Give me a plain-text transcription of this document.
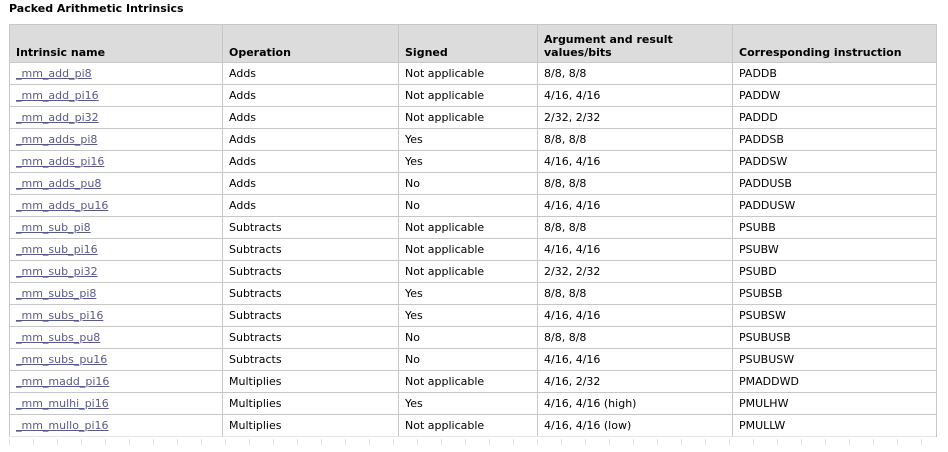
Packed Arithmetic Intrinsics
Intrinsic name	Operation	Signed	Argument and result values/bits	Corresponding instruction
_mm_add_pi8	Adds	Not applicable	8/8, 8/8	PADDB
_mm_add_pi16	Adds	Not applicable	4/16, 4/16	PADDW
_mm_add_pi32	Adds	Not applicable	2/32, 2/32	PADDD
_mm_adds_pi8	Adds	Yes	8/8, 8/8	PADDSB
_mm_adds_pi16	Adds	Yes	4/16, 4/16	PADDSW
_mm_adds_pu8	Adds	No	8/8, 8/8	PADDUSB
_mm_adds_pu16	Adds	No	4/16, 4/16	PADDUSW
_mm_sub_pi8	Subtracts	Not applicable	8/8, 8/8	PSUBB
_mm_sub_pi16	Subtracts	Not applicable	4/16, 4/16	PSUBW
_mm_sub_pi32	Subtracts	Not applicable	2/32, 2/32	PSUBD
_mm_subs_pi8	Subtracts	Yes	8/8, 8/8	PSUBSB
_mm_subs_pi16	Subtracts	Yes	4/16, 4/16	PSUBSW
_mm_subs_pu8	Subtracts	No	8/8, 8/8	PSUBUSB
_mm_subs_pu16	Subtracts	No	4/16, 4/16	PSUBUSW
_mm_madd_pi16	Multiplies	Not applicable	4/16, 2/32	PMADDWD
_mm_mulhi_pi16	Multiplies	Yes	4/16, 4/16 (high)	PMULHW
_mm_mullo_pi16	Multiplies	Not applicable	4/16, 4/16 (low)	PMULLW
